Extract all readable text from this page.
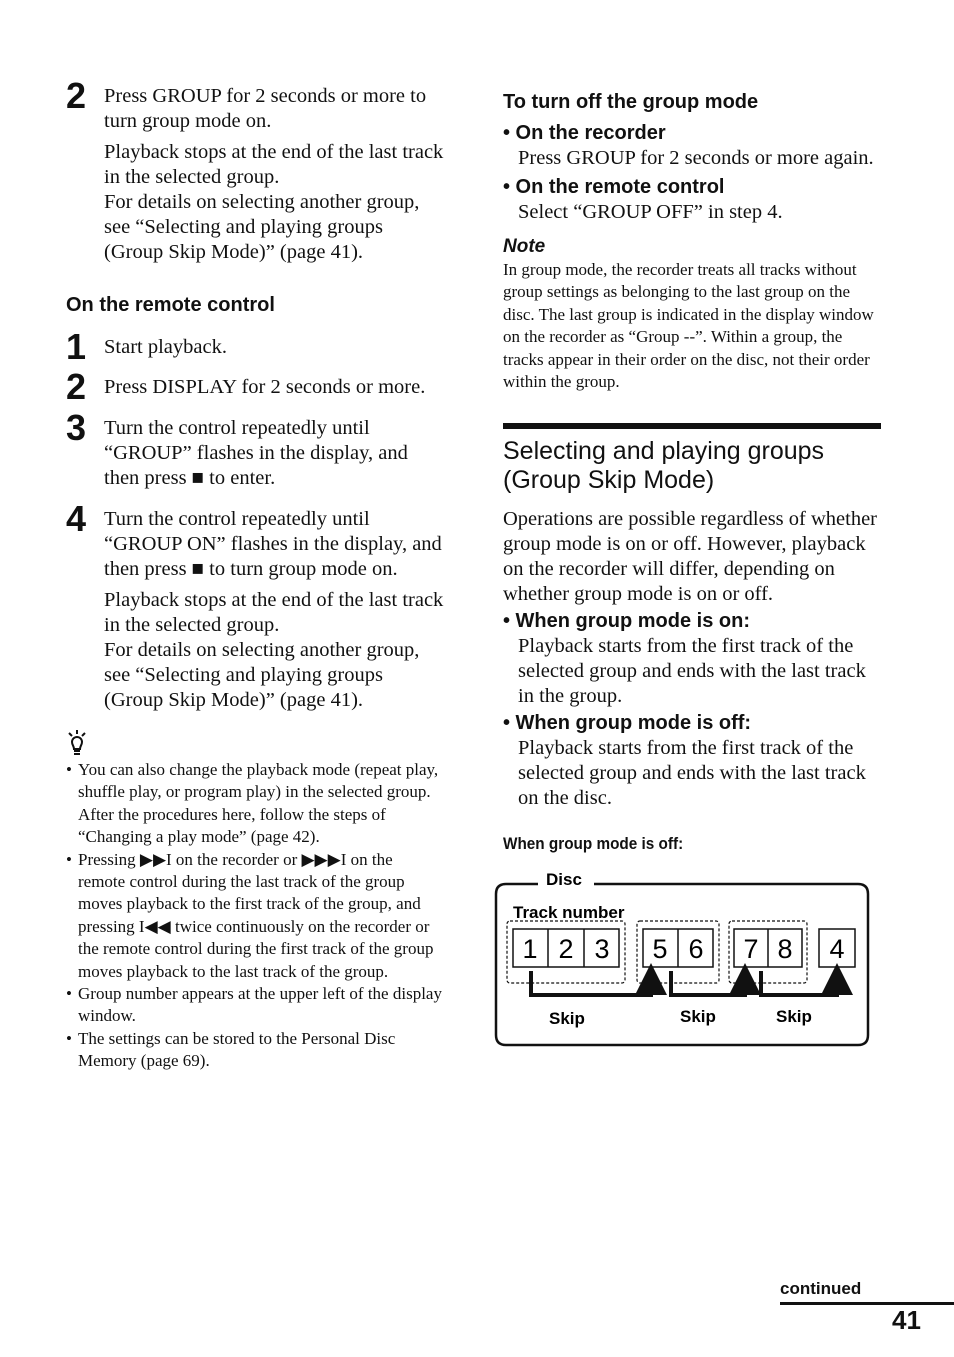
2 Press GROUP for 2 seconds or more to turn group mode on.
Playback stops at the end of the last track in the selected group.
For details on selecting another group, see “Selecting and playing groups (Group Skip Mode)” (page 41).
On the remote control
1 Start playback.
2 Press DISPLAY for 2 seconds or more.
3 Turn the control repeatedly until “GROUP” flashes in the display, and then press ■ to enter.
4 Turn the control repeatedly until “GROUP ON” flashes in the display, and then press ■ to turn group mode on.
Playback stops at the end of the last track in the selected group.
For details on selecting another group, see “Selecting and playing groups (Group Skip Mode)” (page 41).
• You can also change the playback mode (repeat play, shuffle play, or program play) in the selected group. After the procedures here, follow the steps of “Changing a play mode” (page 42).
• Pressing ▶▶I on the recorder or ▶▶▶I on the remote control during the last track of the group moves playback to the first track of the group, and pressing I◀◀ twice continuously on the recorder or the remote control during the first track of the group moves playback to the last track of the group.
• Group number appears at the upper left of the display window.
• The settings can be stored to the Personal Disc Memory (page 69).
To turn off the group mode
• On the recorder
Press GROUP for 2 seconds or more again.
• On the remote control
Select “GROUP OFF” in step 4.
Note
In group mode, the recorder treats all tracks without group settings as belonging to the last group on the disc. The last group is indicated in the display window on the recorder as “Group --”. Within a group, the tracks appear in their order on the disc, not their order within the group.
Selecting and playing groups (Group Skip Mode)
Operations are possible regardless of whether group mode is on or off. However, playback on the recorder will differ, depending on whether group mode is on or off.
• When group mode is on:
Playback starts from the first track of the selected group and ends with the last track in the group.
• When group mode is off:
Playback starts from the first track of the selected group and ends with the last track on the disc.
When group mode is off:
Disc
Track number
1 2 3 5 6 7 8 4
Skip	Skip	Skip
continued
41
